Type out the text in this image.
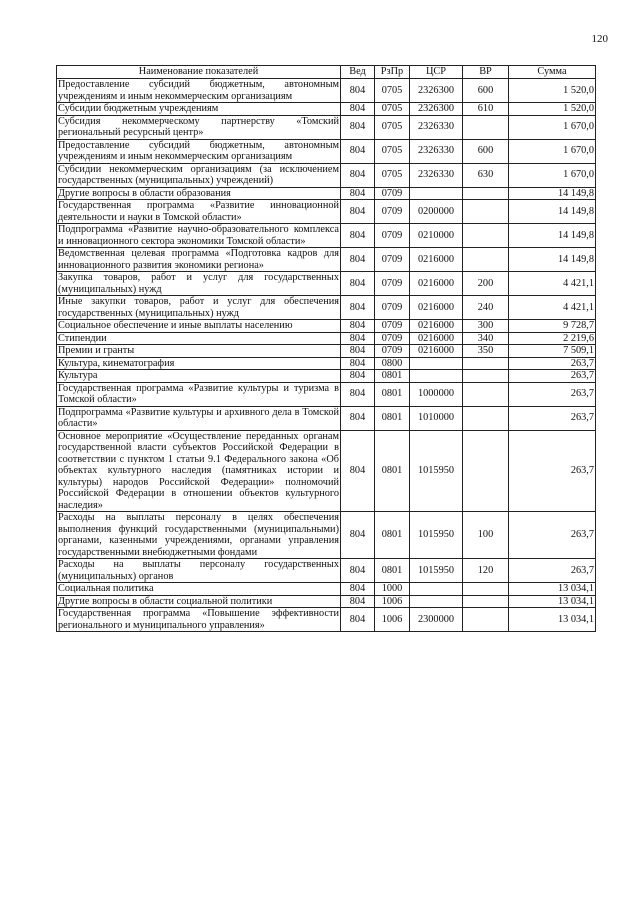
120
Наименование показателей	Вед	РзПр	ЦСР	ВР	Сумма
Предоставление субсидий бюджетным, автономным учреждениям и иным некоммерческим организациям	804	0705	2326300	600	1 520,0
Субсидии бюджетным учреждениям	804	0705	2326300	610	1 520,0
Субсидия некоммерческому партнерству «Томский региональный ресурсный центр»	804	0705	2326330		1 670,0
Предоставление субсидий бюджетным, автономным учреждениям и иным некоммерческим организациям	804	0705	2326330	600	1 670,0
Субсидии некоммерческим организациям (за исключением государственных (муниципальных) учреждений)	804	0705	2326330	630	1 670,0
Другие вопросы в области образования	804	0709			14 149,8
Государственная программа «Развитие инновационной деятельности и науки в Томской области»	804	0709	0200000		14 149,8
Подпрограмма «Развитие научно-образовательного комплекса и инновационного сектора экономики Томской области»	804	0709	0210000		14 149,8
Ведомственная целевая программа «Подготовка кадров для инновационного развития экономики региона»	804	0709	0216000		14 149,8
Закупка товаров, работ и услуг для государственных (муниципальных) нужд	804	0709	0216000	200	4 421,1
Иные закупки товаров, работ и услуг для обеспечения государственных (муниципальных) нужд	804	0709	0216000	240	4 421,1
Социальное обеспечение и иные выплаты населению	804	0709	0216000	300	9 728,7
Стипендии	804	0709	0216000	340	2 219,6
Премии и гранты	804	0709	0216000	350	7 509,1
Культура, кинематография	804	0800			263,7
Культура	804	0801			263,7
Государственная программа «Развитие культуры и туризма в Томской области»	804	0801	1000000		263,7
Подпрограмма «Развитие культуры и архивного дела в Томской области»	804	0801	1010000		263,7
Основное мероприятие «Осуществление переданных органам государственной власти субъектов Российской Федерации в соответствии с пунктом 1 статьи 9.1 Федерального закона «Об объектах культурного наследия (памятниках истории и культуры) народов Российской Федерации» полномочий Российской Федерации в отношении объектов культурного наследия»	804	0801	1015950		263,7
Расходы на выплаты персоналу в целях обеспечения выполнения функций государственными (муниципальными) органами, казенными учреждениями, органами управления государственными внебюджетными фондами	804	0801	1015950	100	263,7
Расходы на выплаты персоналу государственных (муниципальных) органов	804	0801	1015950	120	263,7
Социальная политика	804	1000			13 034,1
Другие вопросы в области социальной политики	804	1006			13 034,1
Государственная программа «Повышение эффективности регионального и муниципального управления»	804	1006	2300000		13 034,1
